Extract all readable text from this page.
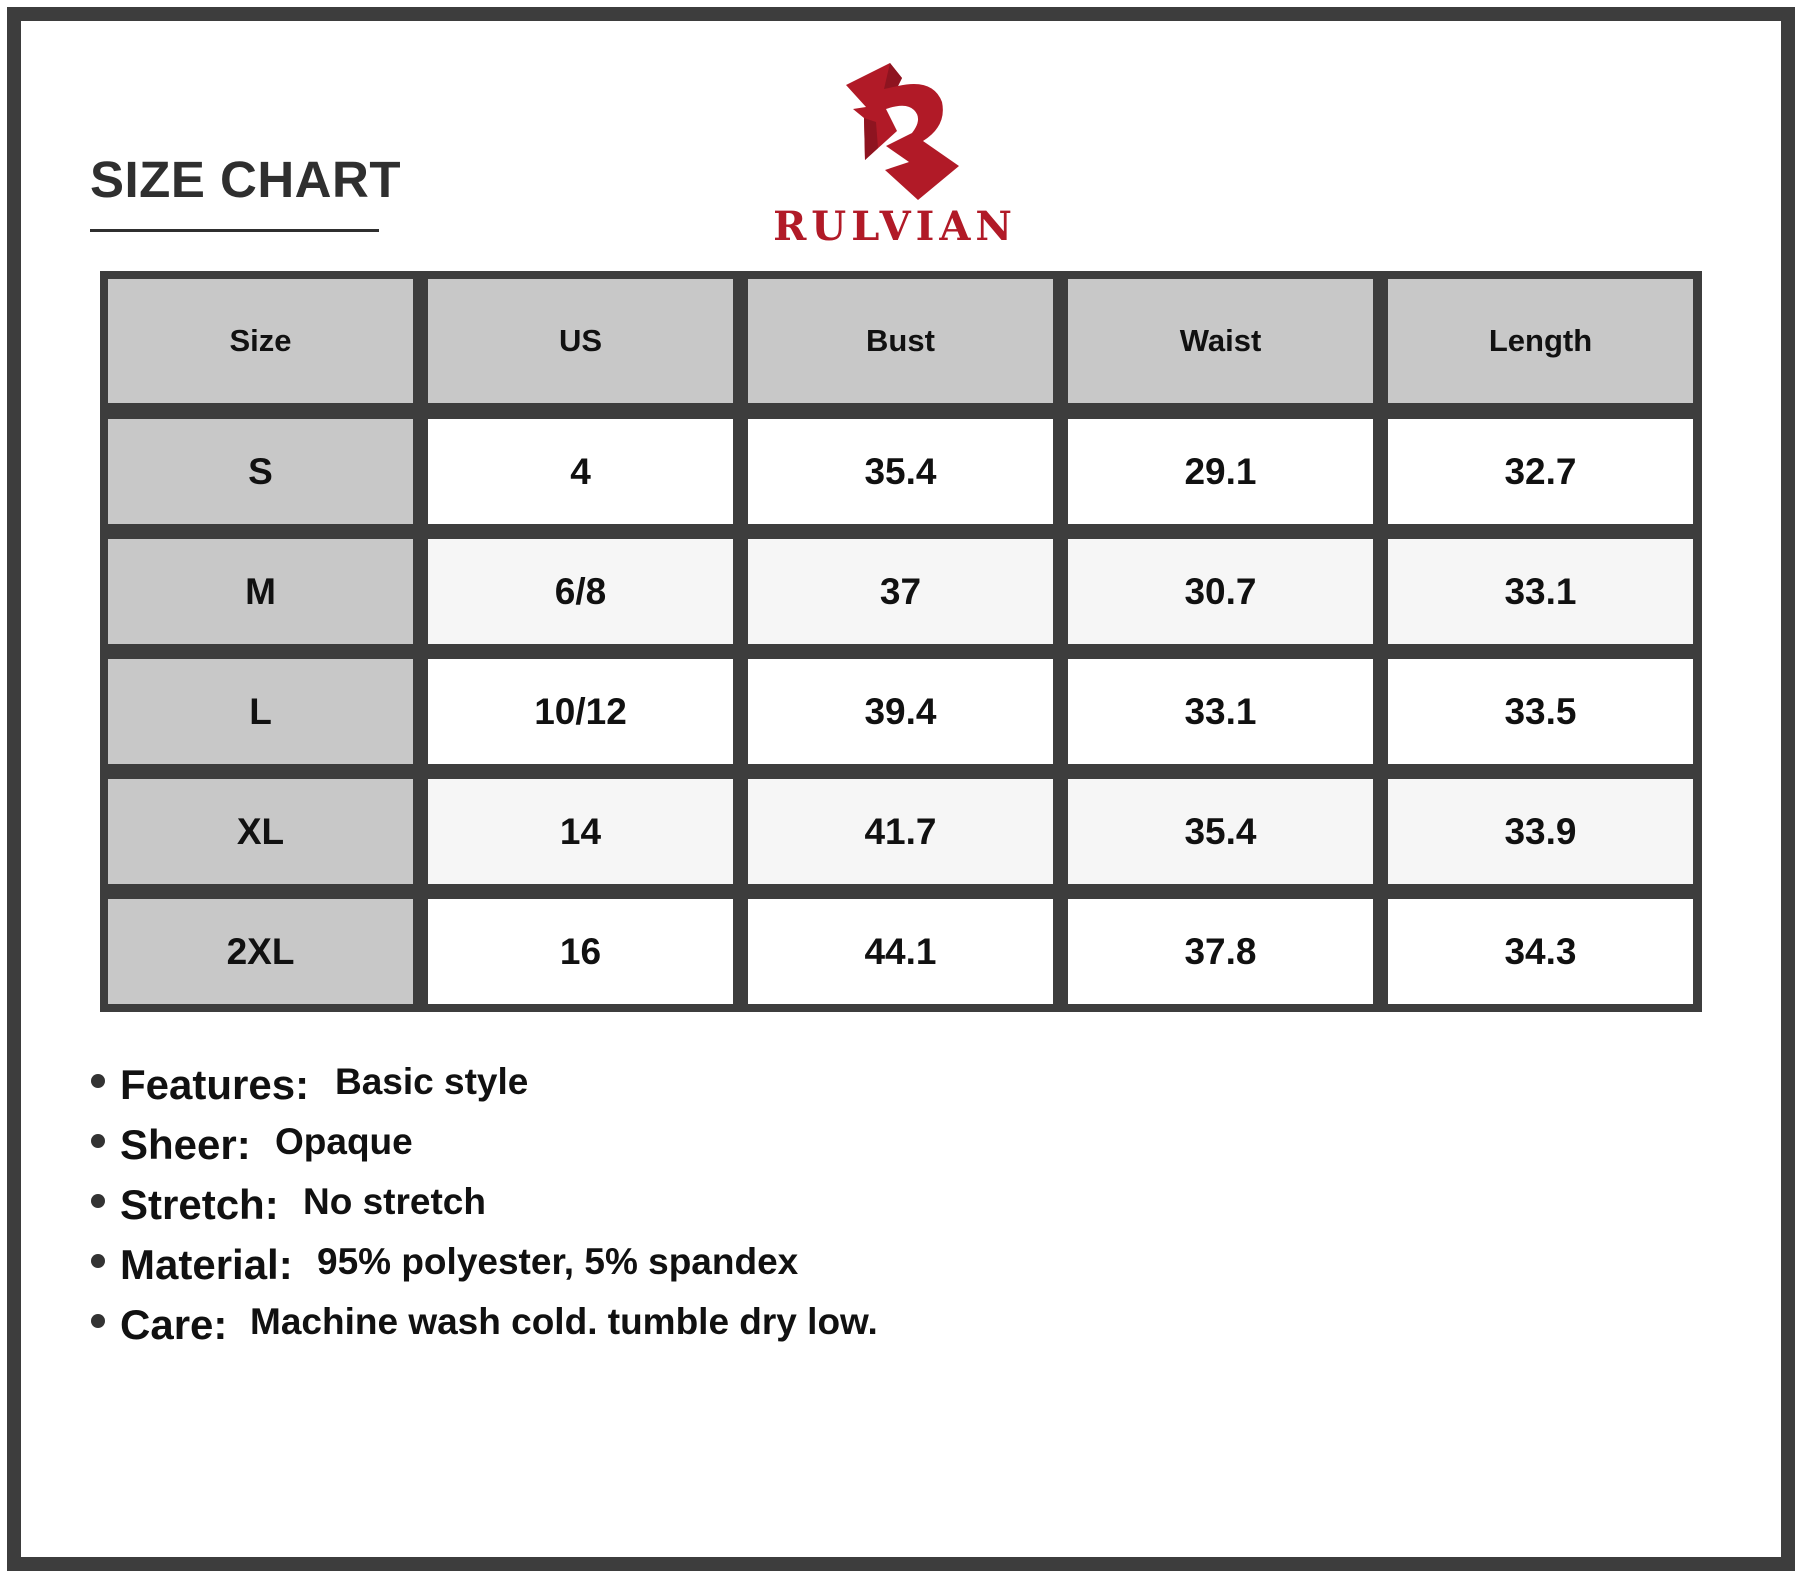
SIZE CHART
RULVIAN
Size	US	Bust	Waist	Length
S	4	35.4	29.1	32.7
M	6/8	37	30.7	33.1
L	10/12	39.4	33.1	33.5
XL	14	41.7	35.4	33.9
2XL	16	44.1	37.8	34.3
Features: Basic style
Sheer: Opaque
Stretch: No stretch
Material: 95% polyester, 5% spandex
Care: Machine wash cold. tumble dry low.
